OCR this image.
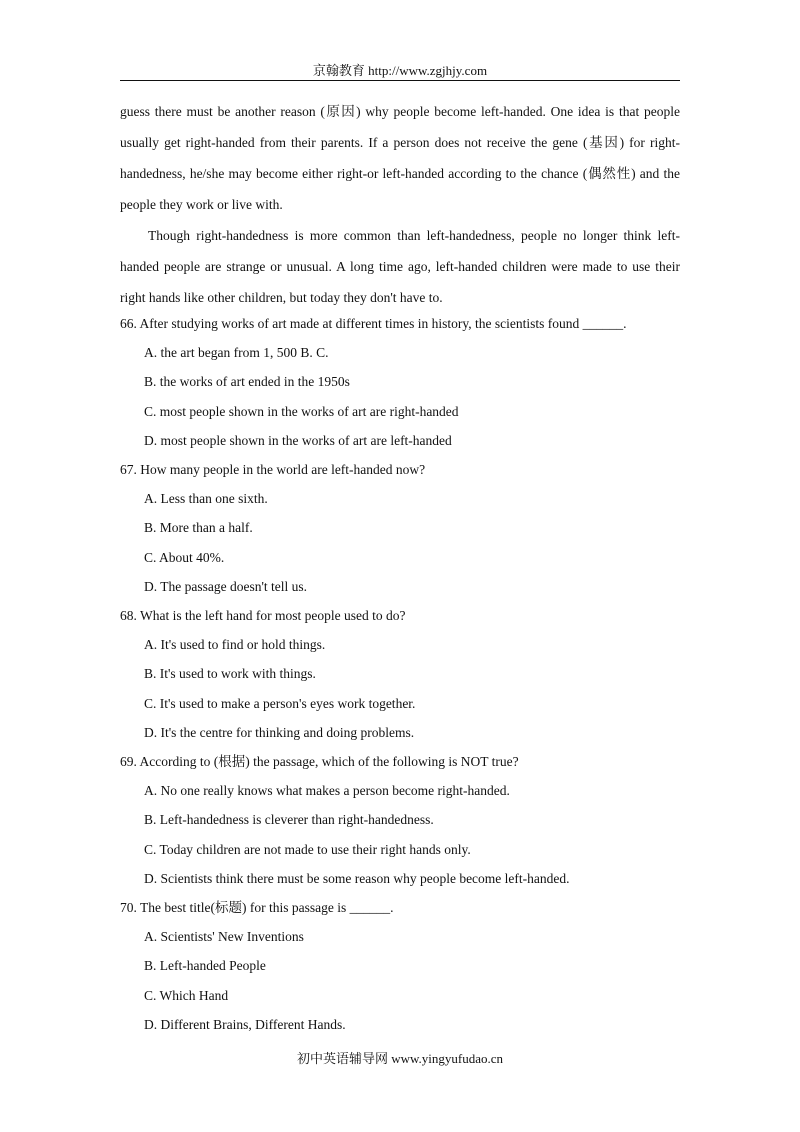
京翰教育 http://www.zgjhjy.com

guess there must be another reason (原因) why people become left-handed. One idea is that people usually get right-handed from their parents. If a person does not receive the gene (基因) for right-handedness, he/she may become either right-or left-handed according to the chance (偶然性) and the people they work or live with.

Though right-handedness is more common than left-handedness, people no longer think left-handed people are strange or unusual. A long time ago, left-handed children were made to use their right hands like other children, but today they don't have to.

66. After studying works of art made at different times in history, the scientists found ______.

A. the art began from 1, 500 B. C.

B. the works of art ended in the 1950s

C. most people shown in the works of art are right-handed

D. most people shown in the works of art are left-handed

67. How many people in the world are left-handed now?

A. Less than one sixth.

B. More than a half.

C. About 40%.

D. The passage doesn't tell us.

68. What is the left hand for most people used to do?

A. It's used to find or hold things.

B. It's used to work with things.

C. It's used to make a person's eyes work together.

D. It's the centre for thinking and doing problems.

69. According to (根据) the passage, which of the following is NOT true?

A. No one really knows what makes a person become right-handed.

B. Left-handedness is cleverer than right-handedness.

C. Today children are not made to use their right hands only.

D. Scientists think there must be some reason why people become left-handed.

70. The best title(标题) for this passage is ______.

A. Scientists' New Inventions

B. Left-handed People

C. Which Hand

D. Different Brains, Different Hands.

初中英语辅导网 www.yingyufudao.cn
